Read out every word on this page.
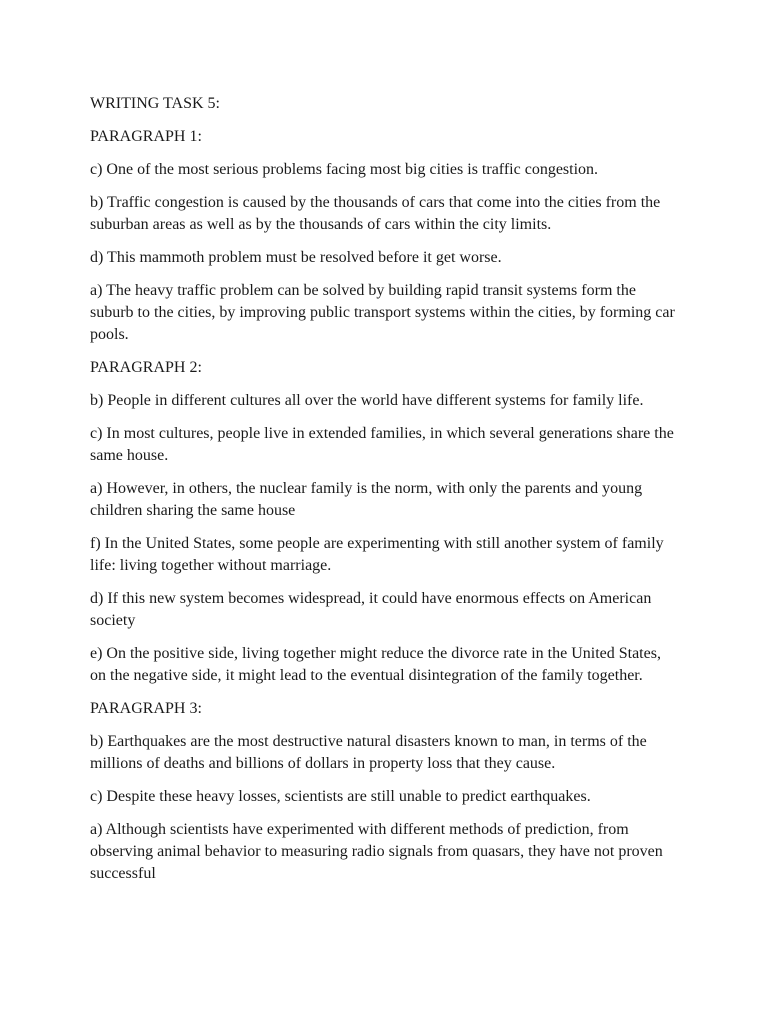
WRITING TASK 5:

PARAGRAPH 1:

c) One of the most serious problems facing most big cities is traffic congestion.

b) Traffic congestion is caused by the thousands of cars that come into the cities from the suburban areas as well as by the thousands of cars within the city limits.

d) This mammoth problem must be resolved before it get worse.

a) The heavy traffic problem can be solved by building rapid transit systems form the suburb to the cities, by improving public transport systems within the cities, by forming car pools.

PARAGRAPH 2:

b) People in different cultures all over the world have different systems for family life.

c) In most cultures, people live in extended families, in which several generations share the same house.

a) However, in others, the nuclear family is the norm, with only the parents and young children sharing the same house

f) In the United States, some people are experimenting with still another system of family life: living together without marriage.

d) If this new system becomes widespread, it could have enormous effects on American society

e) On the positive side, living together might reduce the divorce rate in the United States, on the negative side, it might lead to the eventual disintegration of the family together.

PARAGRAPH 3:

b) Earthquakes are the most destructive natural disasters known to man, in terms of the millions of deaths and billions of dollars in property loss that they cause.

c) Despite these heavy losses, scientists are still unable to predict earthquakes.

a) Although scientists have experimented with different methods of prediction, from observing animal behavior to measuring radio signals from quasars, they have not proven successful
